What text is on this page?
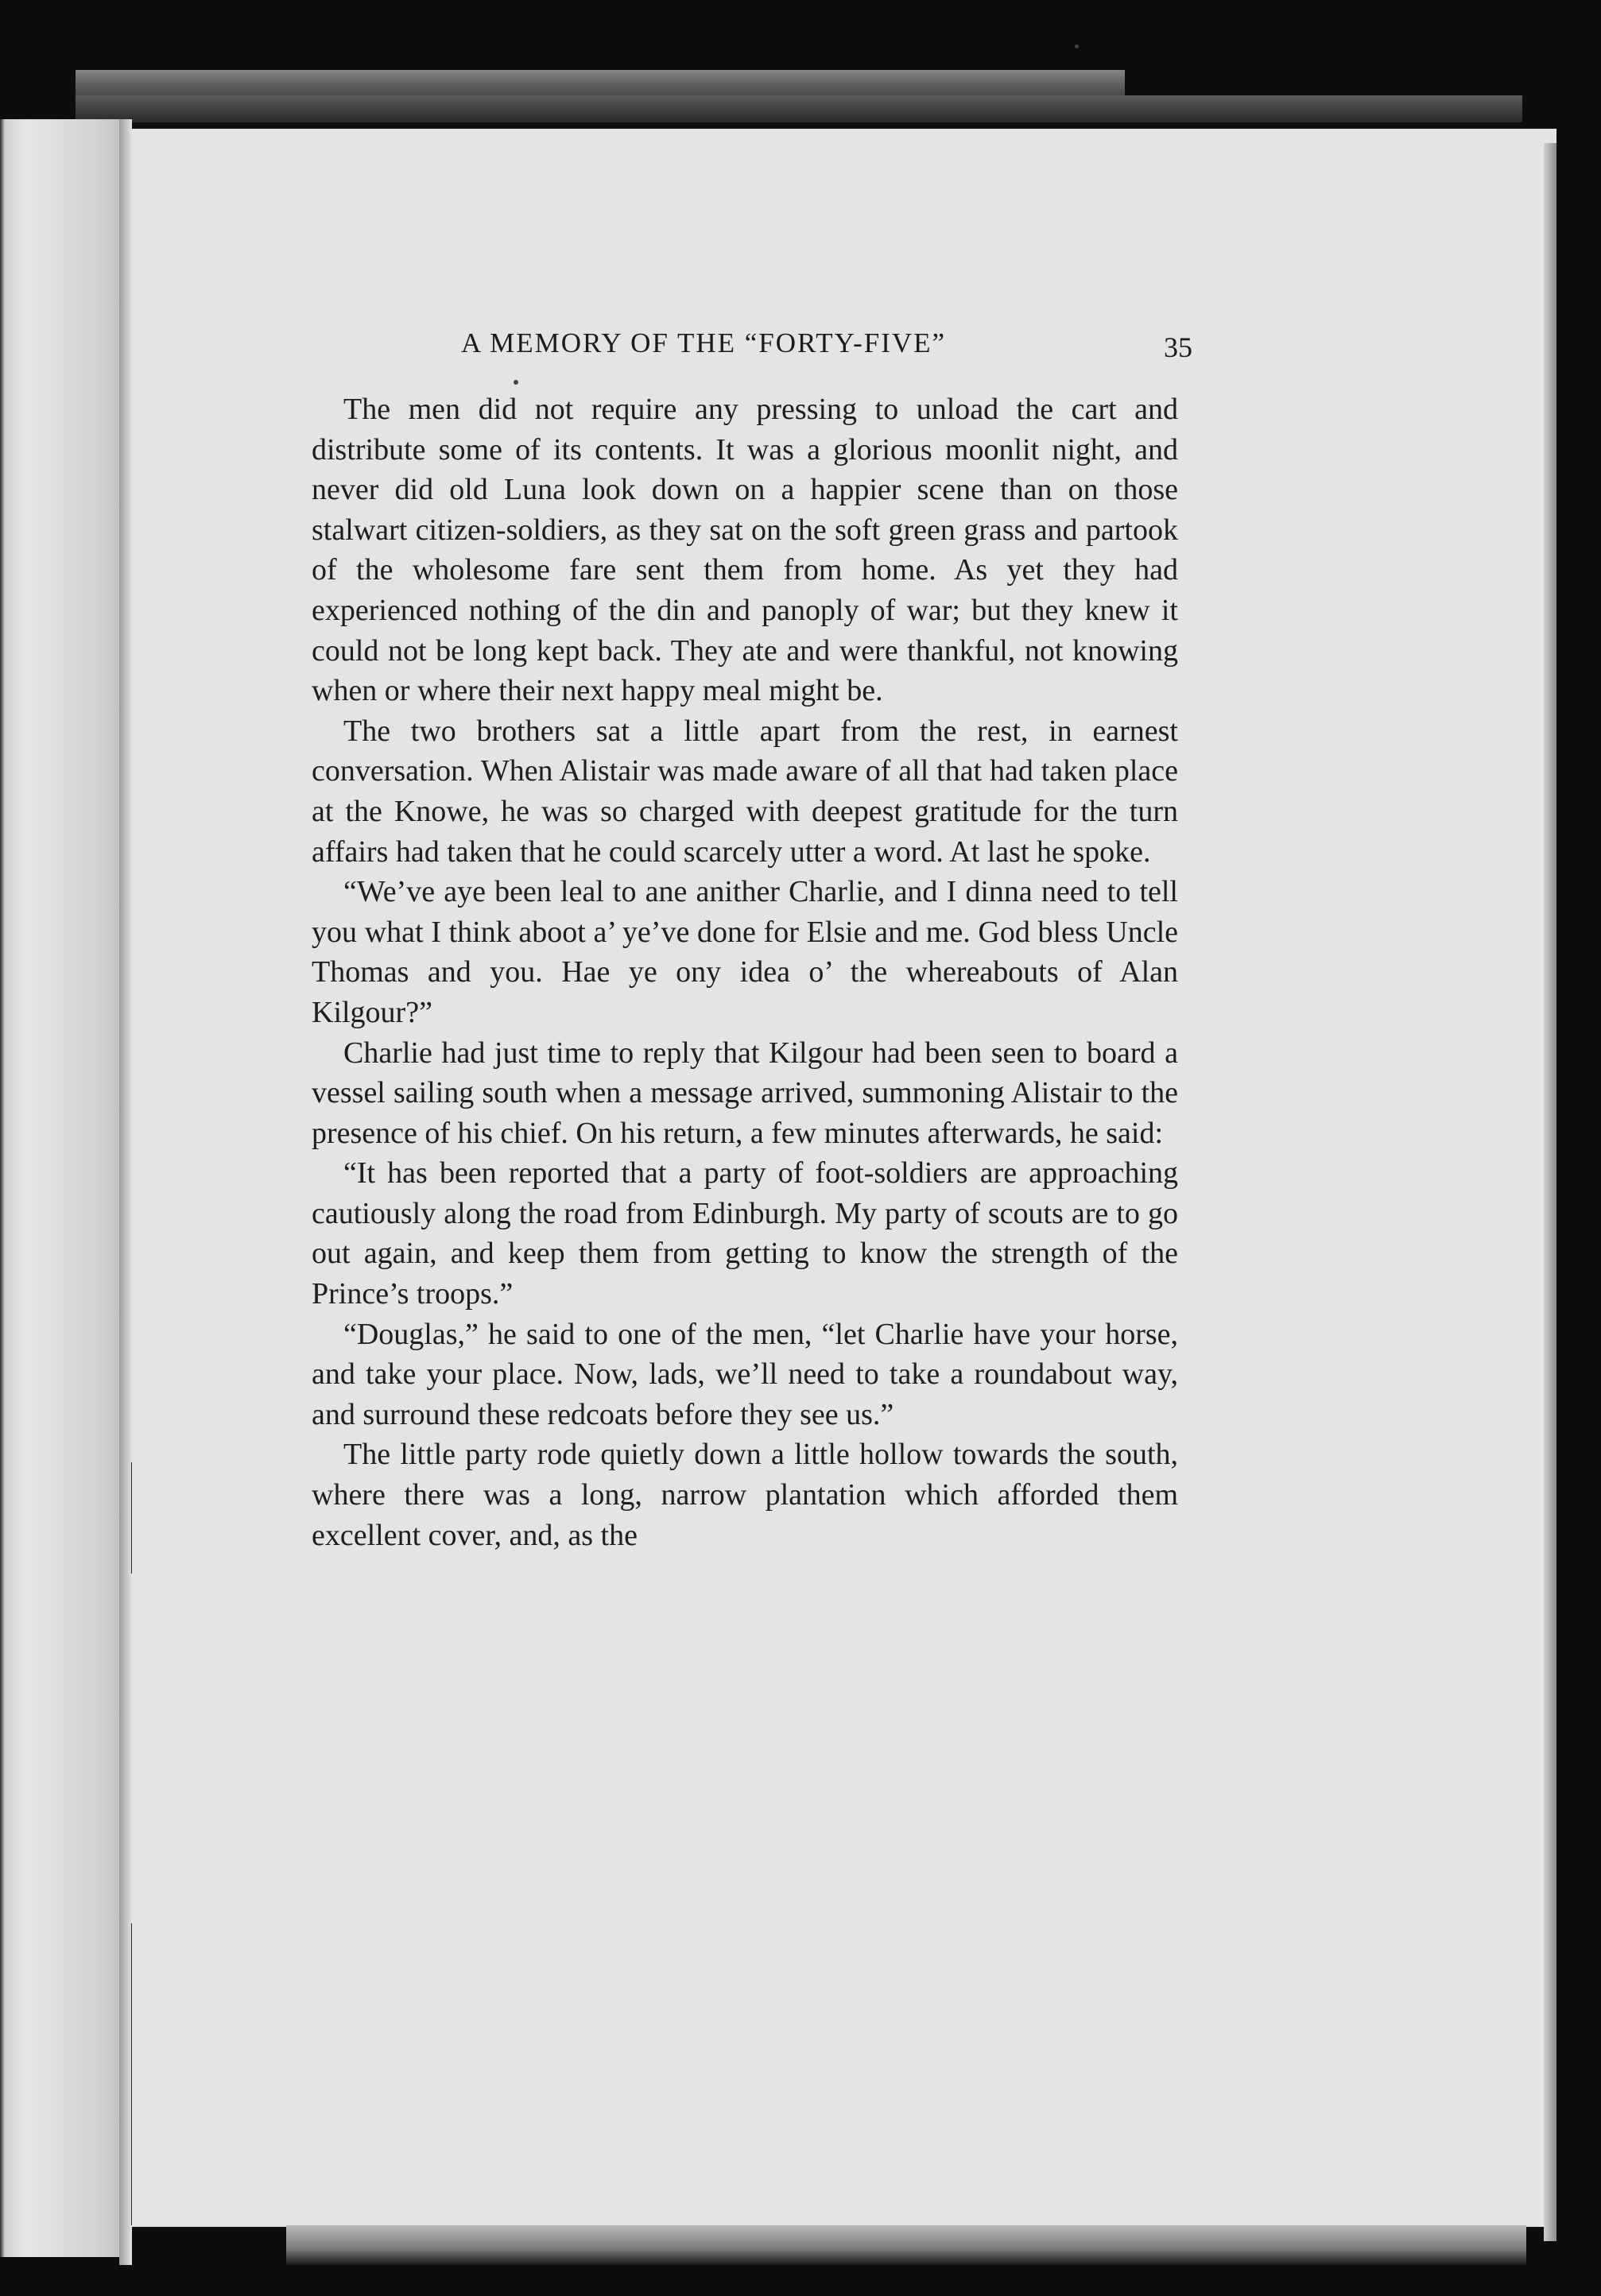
A MEMORY OF THE “FORTY-FIVE”	35

The men did not require any pressing to unload the cart and distribute some of its contents. It was a glorious moonlit night, and never did old Luna look down on a happier scene than on those stalwart citizen-soldiers, as they sat on the soft green grass and partook of the wholesome fare sent them from home. As yet they had experienced nothing of the din and panoply of war; but they knew it could not be long kept back. They ate and were thankful, not knowing when or where their next happy meal might be.

The two brothers sat a little apart from the rest, in earnest conversation. When Alistair was made aware of all that had taken place at the Knowe, he was so charged with deepest gratitude for the turn affairs had taken that he could scarcely utter a word. At last he spoke.

“We’ve aye been leal to ane anither Charlie, and I dinna need to tell you what I think aboot a’ ye’ve done for Elsie and me. God bless Uncle Thomas and you. Hae ye ony idea o’ the whereabouts of Alan Kilgour?”

Charlie had just time to reply that Kilgour had been seen to board a vessel sailing south when a message arrived, summoning Alistair to the presence of his chief. On his return, a few minutes afterwards, he said:

“It has been reported that a party of foot-soldiers are approaching cautiously along the road from Edinburgh. My party of scouts are to go out again, and keep them from getting to know the strength of the Prince’s troops.”

“Douglas,” he said to one of the men, “let Charlie have your horse, and take your place. Now, lads, we’ll need to take a roundabout way, and surround these redcoats before they see us.”

The little party rode quietly down a little hollow towards the south, where there was a long, narrow plantation which afforded them excellent cover, and, as the
